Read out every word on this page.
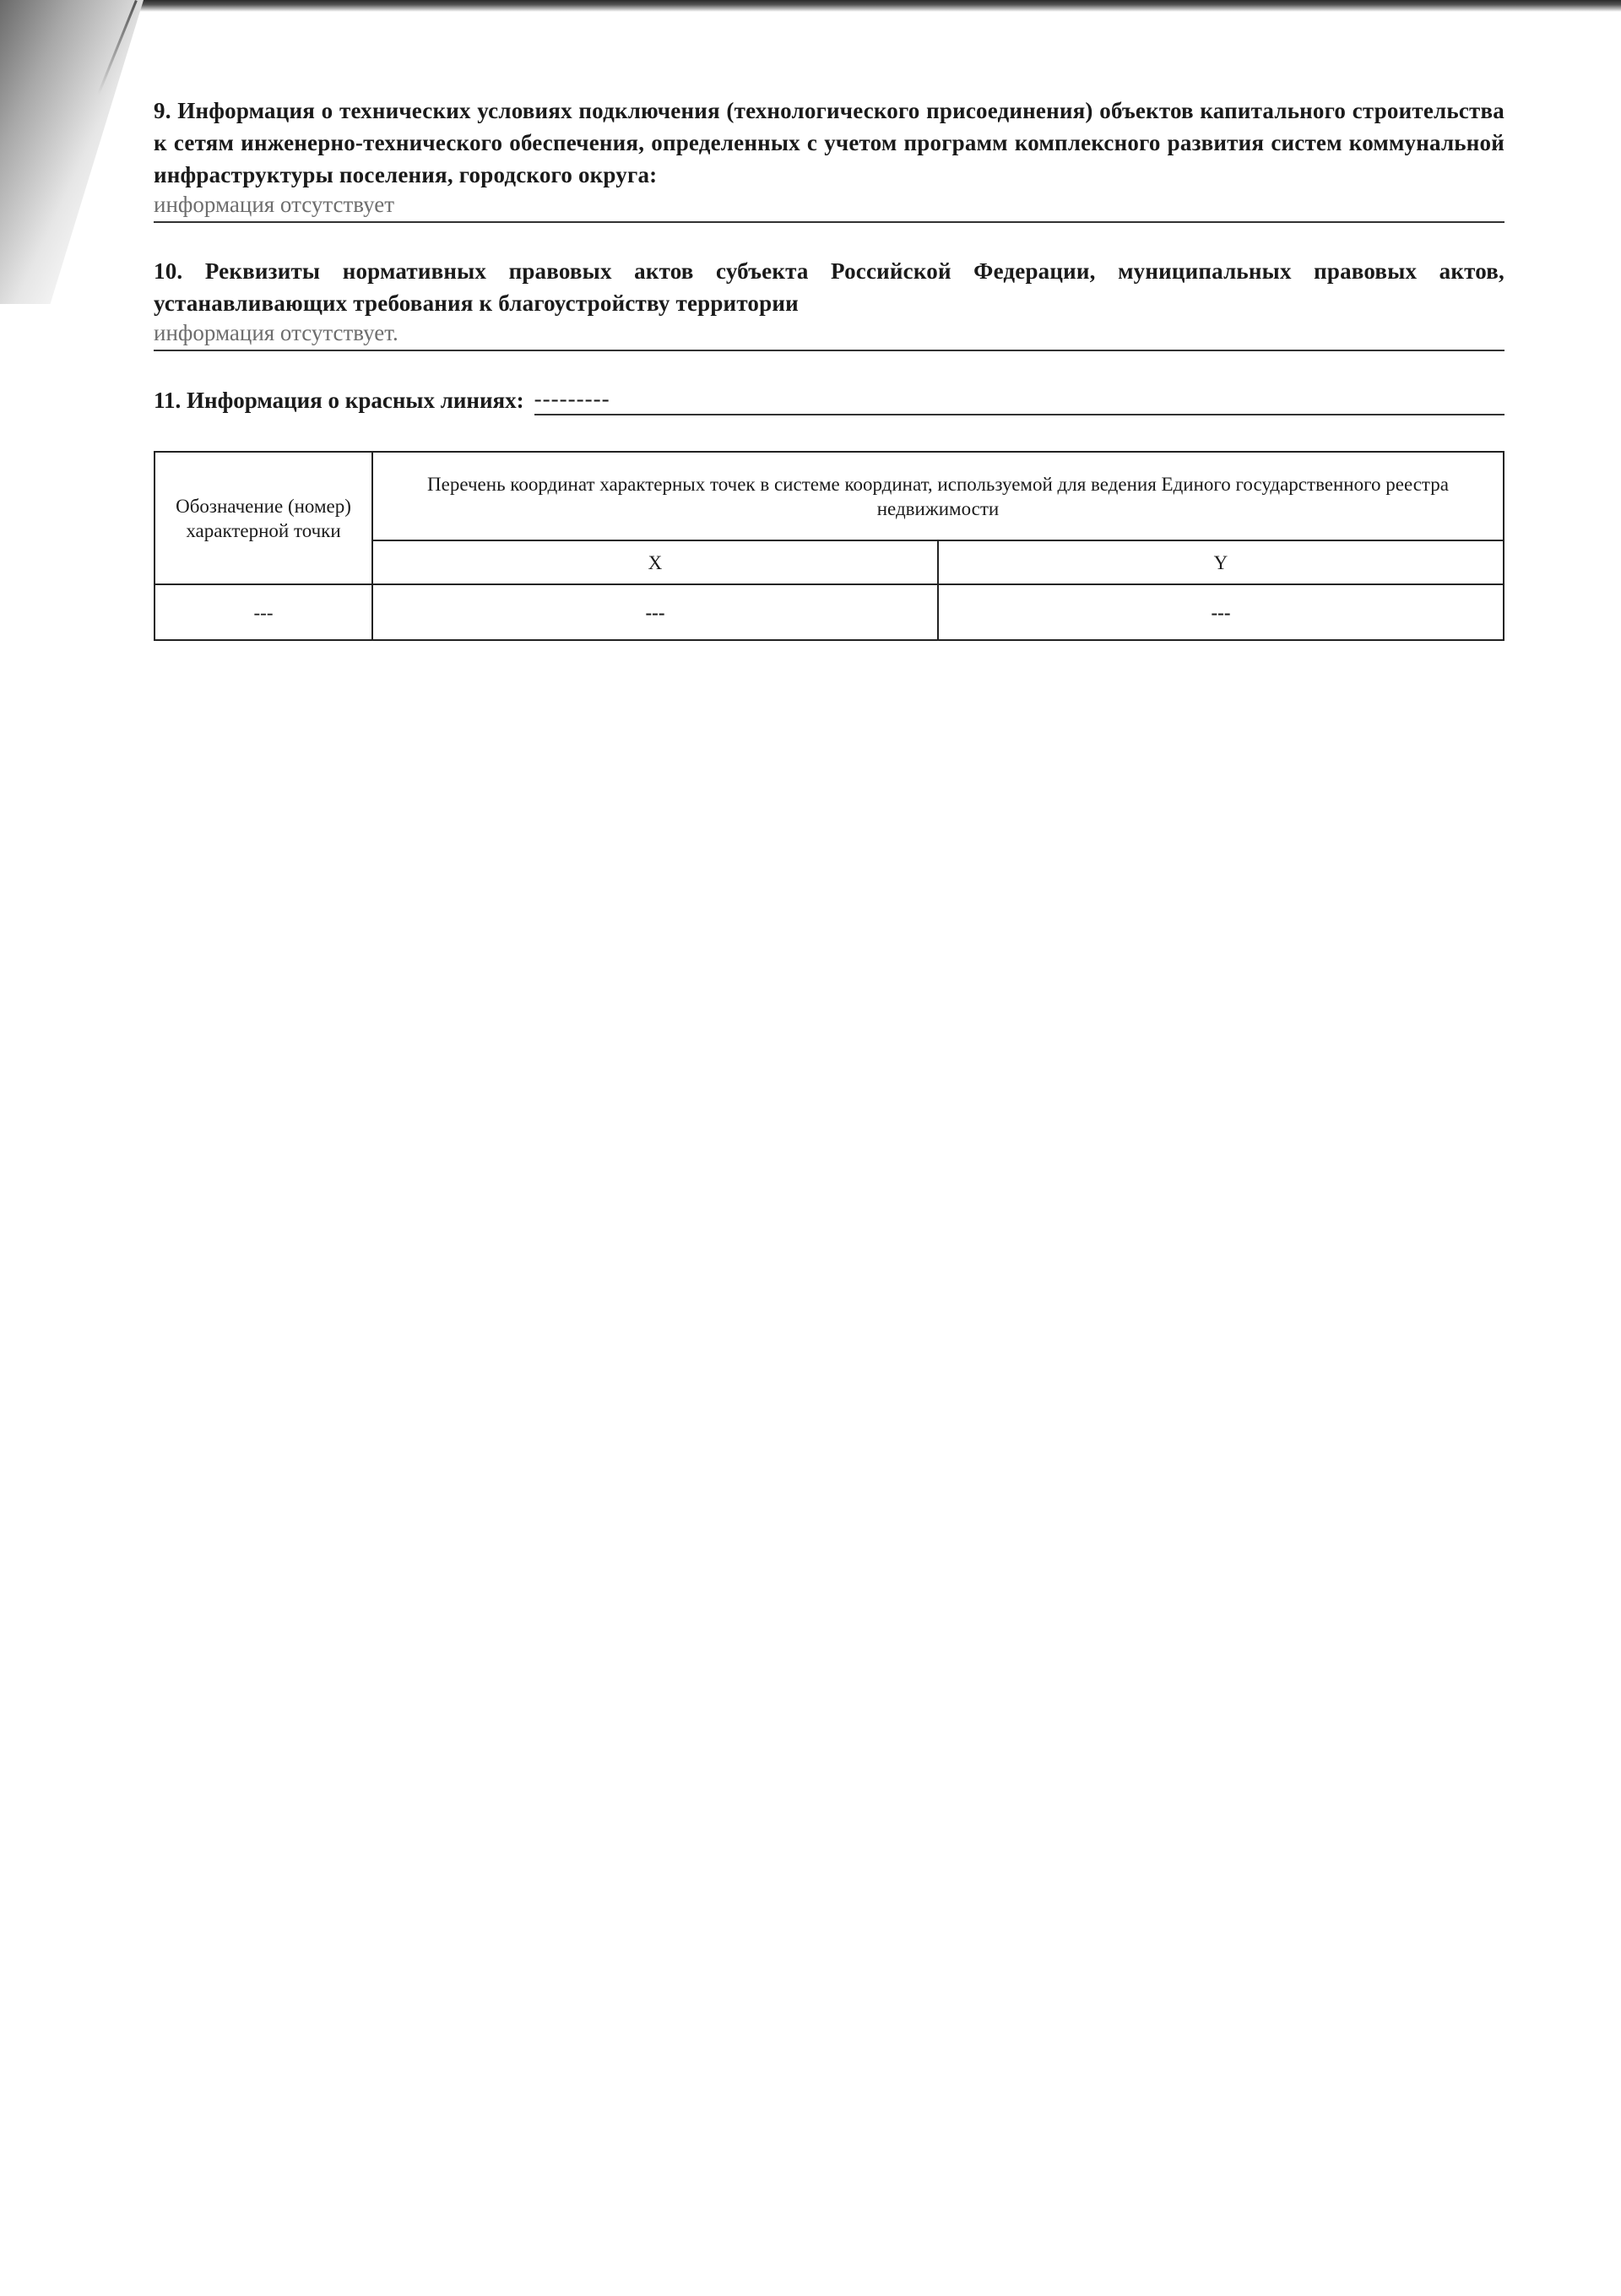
9. Информация о технических условиях подключения (технологического присоединения) объектов капитального строительства к сетям инженерно-технического обеспечения, определенных с учетом программ комплексного развития систем коммунальной инфраструктуры поселения, городского округа:
информация отсутствует
10. Реквизиты нормативных правовых актов субъекта Российской Федерации, муниципальных правовых актов, устанавливающих требования к благоустройству территории
информация отсутствует.
11. Информация о красных линиях: ---------
Обозначение (номер) характерной точки	Перечень координат характерных точек в системе координат, используемой для ведения Единого государственного реестра недвижимости	
	X	Y
---	---	---
